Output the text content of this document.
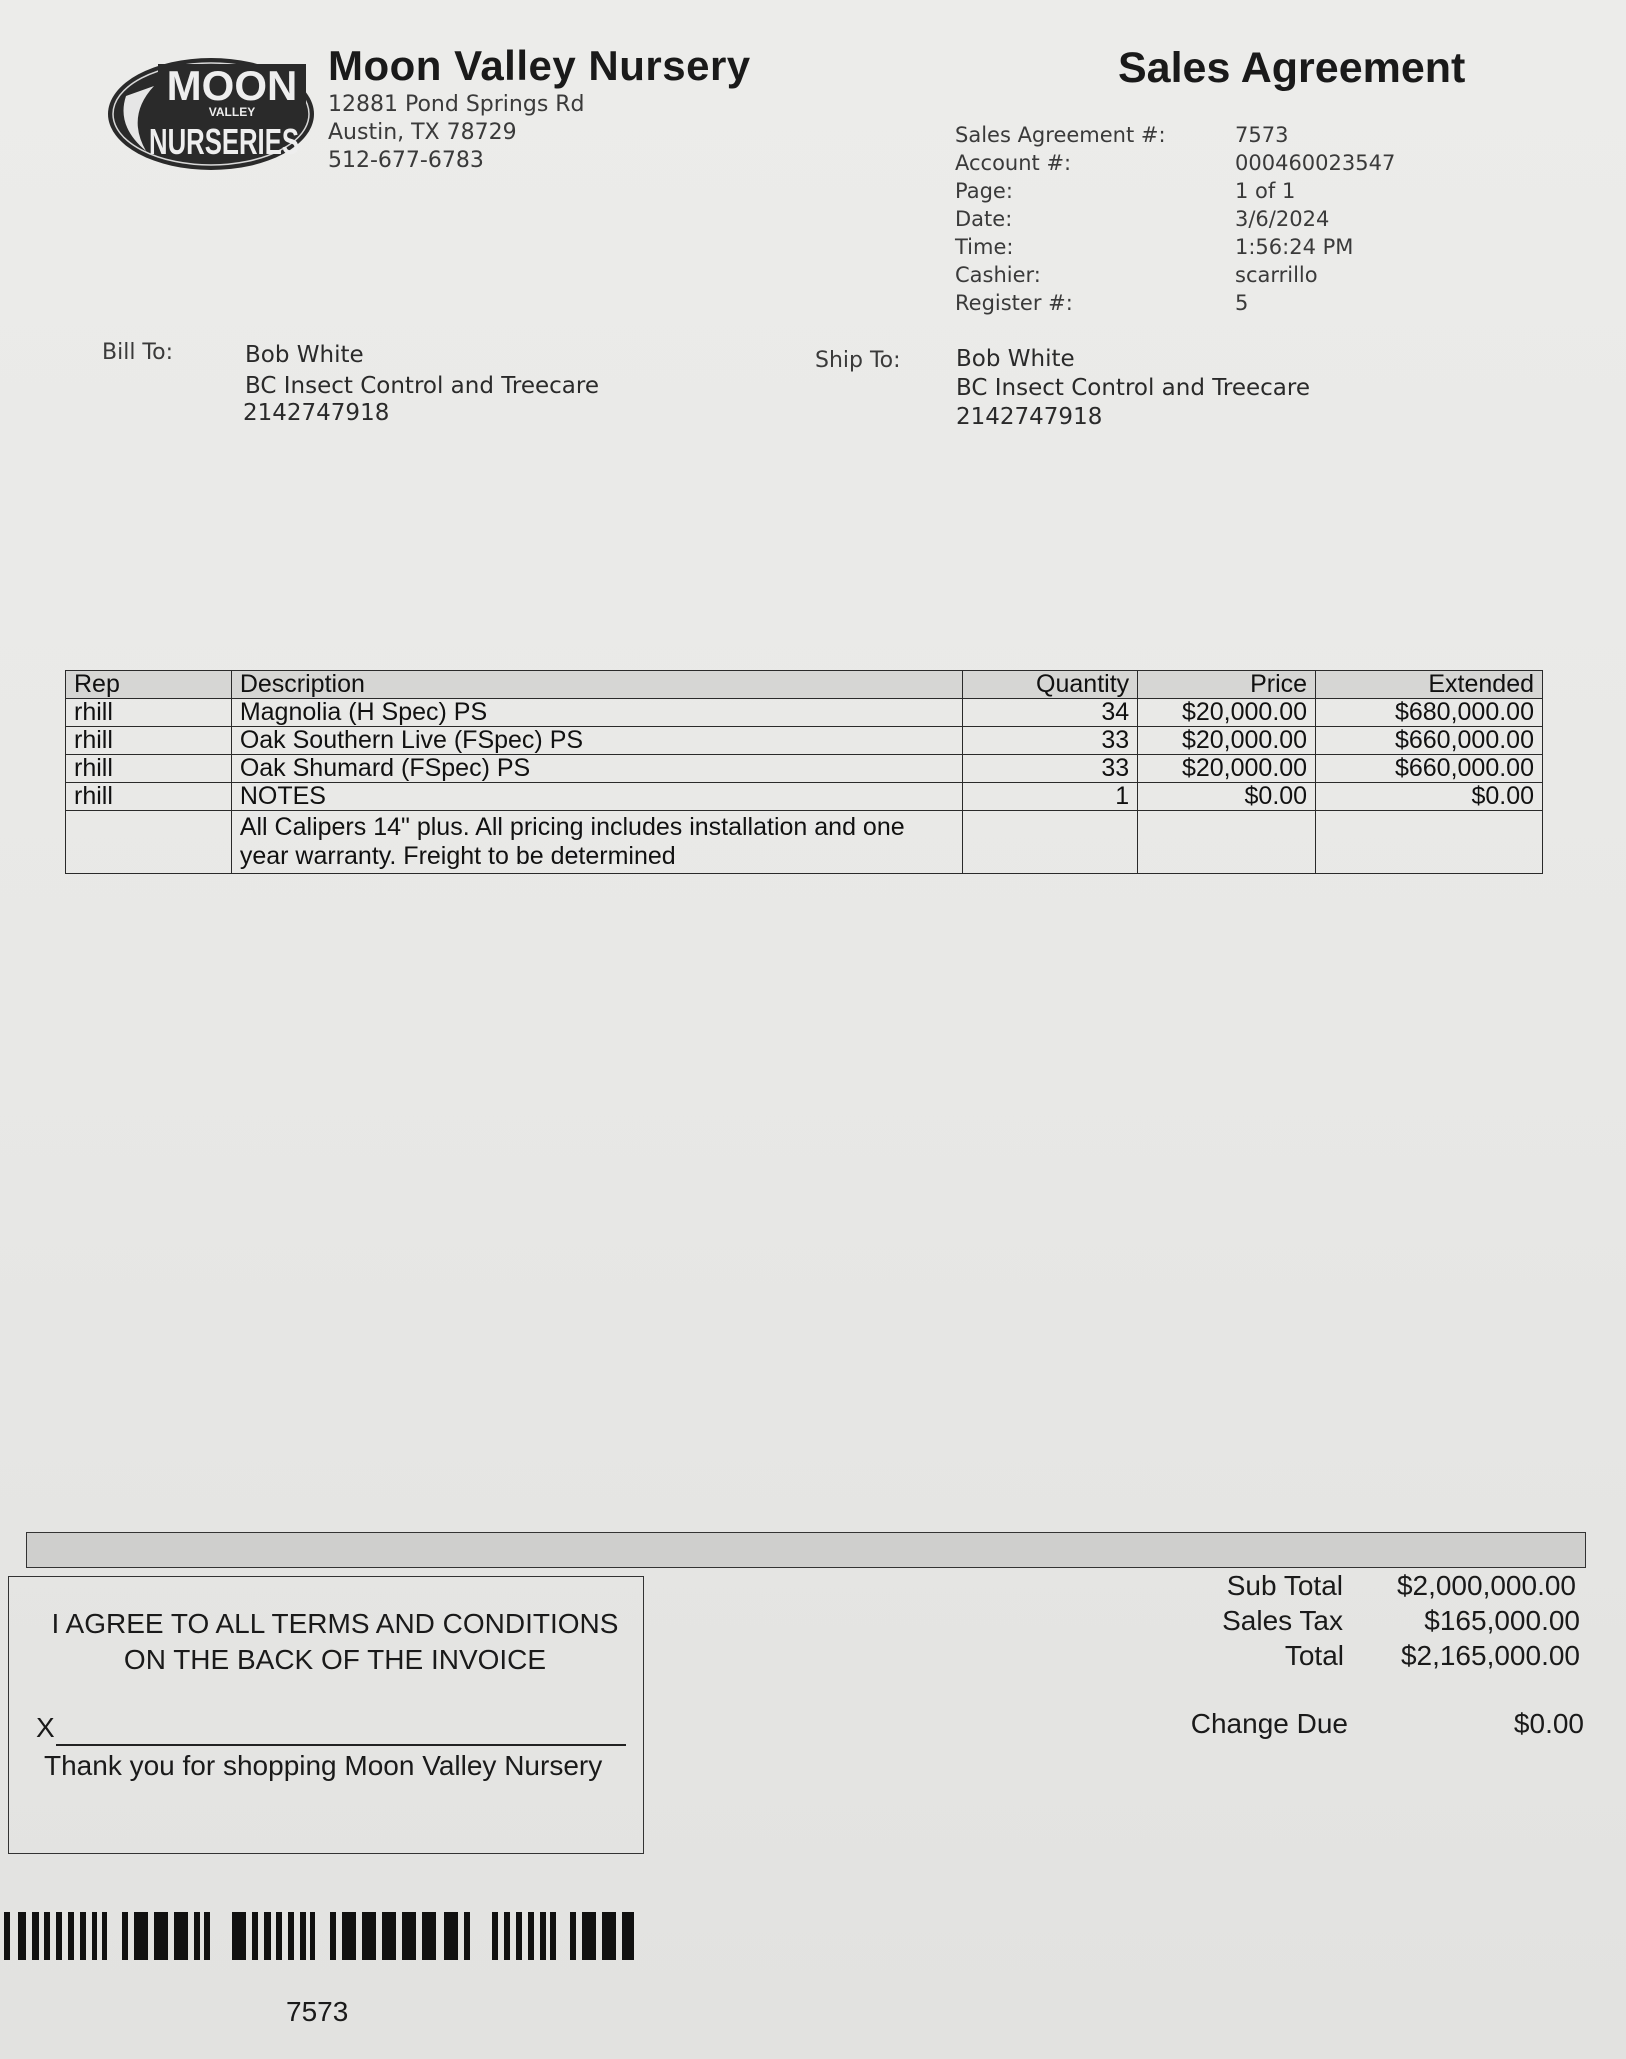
MOON
VALLEY
NURSERIES
Moon Valley Nursery
12881 Pond Springs Rd
Austin, TX 78729
512-677-6783
Sales Agreement
Sales Agreement #:	7573
Account #:	000460023547
Page:	1 of 1
Date:	3/6/2024
Time:	1:56:24 PM
Cashier:	scarrillo
Register #:	5
Bill To:	Bob White
BC Insect Control and Treecare
2142747918
Ship To: Bob White
BC Insect Control and Treecare
2142747918
Rep	Description	Quantity	Price	Extended
rhill	Magnolia (H Spec) PS	34	$20,000.00	$680,000.00
rhill	Oak Southern Live (FSpec) PS	33	$20,000.00	$660,000.00
rhill	Oak Shumard (FSpec) PS	33	$20,000.00	$660,000.00
rhill	NOTES	1	$0.00	$0.00
	All Calipers 14" plus. All pricing includes installation and one year warranty. Freight to be determined			
I AGREE TO ALL TERMS AND CONDITIONS
ON THE BACK OF THE INVOICE
X
Thank you for shopping Moon Valley Nursery
Sub Total	$2,000,000.00
Sales Tax	$165,000.00
Total	$2,165,000.00
Change Due	$0.00
7573
